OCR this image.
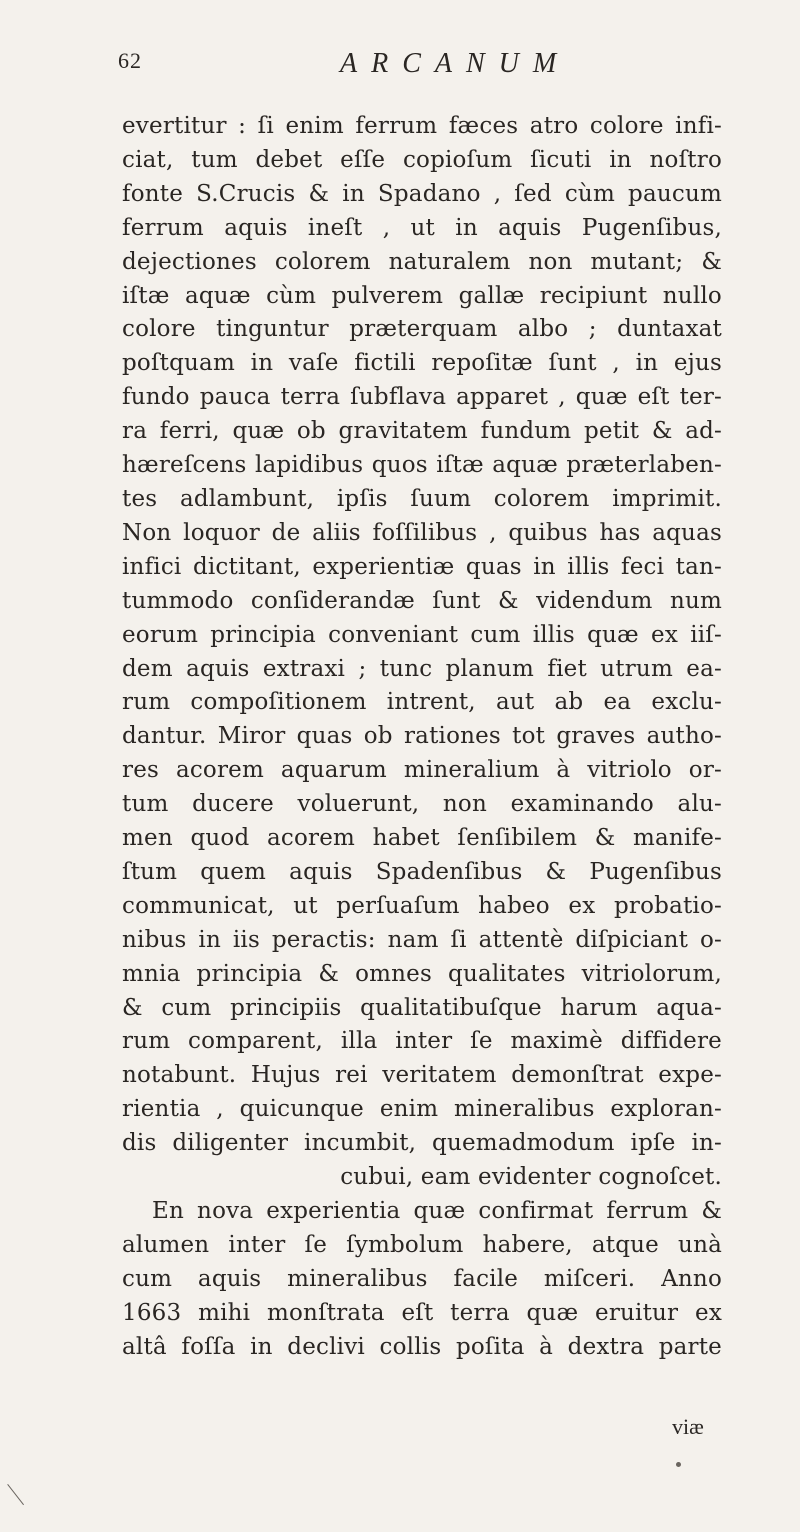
62	ARCANUM
evertitur : ſi enim ferrum fæces atro colore infi-
ciat, tum debet eſſe copioſum ſicuti in noſtro
fonte S.Crucis & in Spadano , ſed cùm paucum
ferrum aquis ineſt , ut in aquis Pugenſibus,
dejectiones colorem naturalem non mutant; &
iſtæ aquæ cùm pulverem gallæ recipiunt nullo
colore tinguntur præterquam albo ; duntaxat
poſtquam in vaſe fictili repoſitæ ſunt , in ejus
fundo pauca terra ſubflava apparet , quæ eſt ter-
ra ferri, quæ ob gravitatem fundum petit & ad-
hæreſcens lapidibus quos iſtæ aquæ præterlaben-
tes adlambunt, ipſis ſuum colorem imprimit.
Non loquor de aliis foſſilibus , quibus has aquas
infici dictitant, experientiæ quas in illis feci tan-
tummodo conſiderandæ ſunt & videndum num
eorum principia conveniant cum illis quæ ex iiſ-
dem aquis extraxi ; tunc planum fiet utrum ea-
rum compoſitionem intrent, aut ab ea exclu-
dantur. Miror quas ob rationes tot graves autho-
res acorem aquarum mineralium à vitriolo or-
tum ducere voluerunt, non examinando alu-
men quod acorem habet ſenſibilem & manife-
ſtum quem aquis Spadenſibus & Pugenſibus
communicat, ut perſuaſum habeo ex probatio-
nibus in iis peractis: nam ſi attentè diſpiciant o-
mnia principia & omnes qualitates vitriolorum,
& cum principiis qualitatibuſque harum aqua-
rum comparent, illa inter ſe maximè diffidere
notabunt. Hujus rei veritatem demonſtrat expe-
rientia , quicunque enim mineralibus exploran-
dis diligenter incumbit, quemadmodum ipſe in-
cubui, eam evidenter cognoſcet.
En nova experientia quæ confirmat ferrum &
alumen inter ſe ſymbolum habere, atque unà
cum aquis mineralibus facile miſceri. Anno
1663 mihi monſtrata eſt terra quæ eruitur ex
altâ foſſa in declivi collis poſita à dextra parte
viæ
